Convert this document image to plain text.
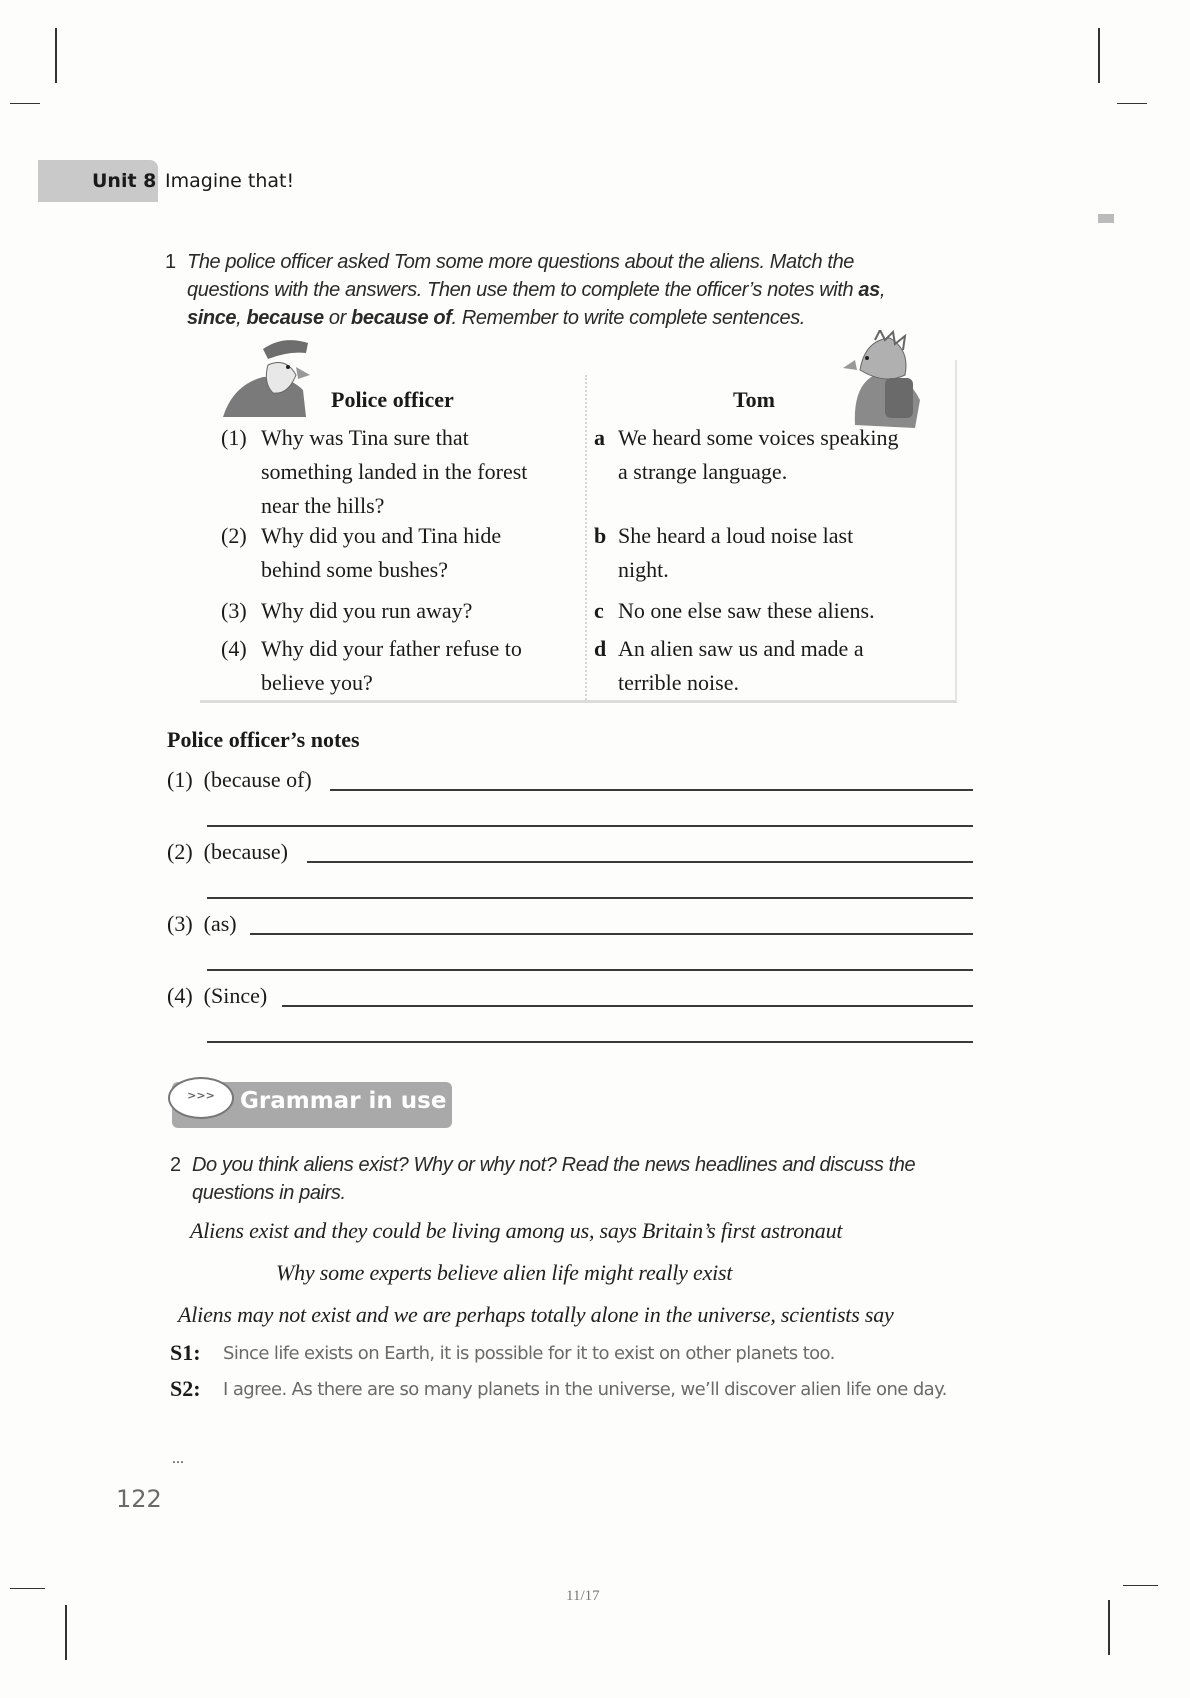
Unit 8 Imagine that!
1 The police officer asked Tom some more questions about the aliens. Match the
questions with the answers. Then use them to complete the officer’s notes with as,
since, because or because of. Remember to write complete sentences.
Police officer	Tom
(1) Why was Tina sure that something landed in the forest near the hills?
(2) Why did you and Tina hide behind some bushes?
(3) Why did you run away?
(4) Why did your father refuse to believe you?
a We heard some voices speaking a strange language.
b She heard a loud noise last night.
c No one else saw these aliens.
d An alien saw us and made a terrible noise.
Police officer’s notes
(1) (because of)
(2) (because)
(3) (as)
(4) (Since)
>>>	Grammar in use
2 Do you think aliens exist? Why or why not? Read the news headlines and discuss the questions in pairs.
Aliens exist and they could be living among us, says Britain’s first astronaut
Why some experts believe alien life might really exist
Aliens may not exist and we are perhaps totally alone in the universe, scientists say
S1: Since life exists on Earth, it is possible for it to exist on other planets too.
S2: I agree. As there are so many planets in the universe, we’ll discover alien life one day.
...
122
11/17
